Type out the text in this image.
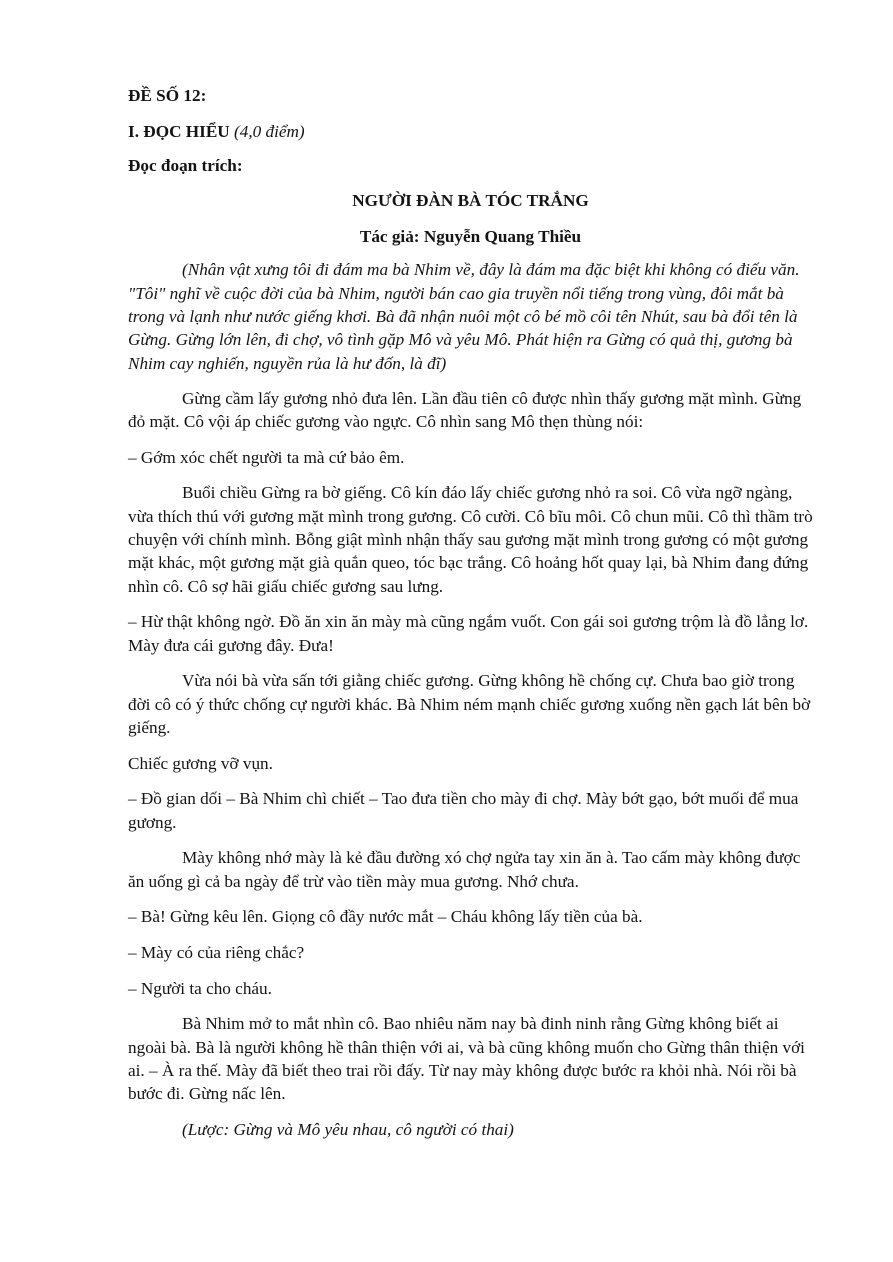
ĐỀ SỐ 12:

I. ĐỌC HIỂU (4,0 điểm)

Đọc đoạn trích:

NGƯỜI ĐÀN BÀ TÓC TRẮNG

Tác giả: Nguyễn Quang Thiều

(Nhân vật xưng tôi đi đám ma bà Nhim về, đây là đám ma đặc biệt khi không có điếu văn. "Tôi" nghĩ về cuộc đời của bà Nhim, người bán cao gia truyền nổi tiếng trong vùng, đôi mắt bà trong và lạnh như nước giếng khơi. Bà đã nhận nuôi một cô bé mồ côi tên Nhút, sau bà đổi tên là Gừng. Gừng lớn lên, đi chợ, vô tình gặp Mô và yêu Mô. Phát hiện ra Gừng có quả thị, gương bà Nhim cay nghiến, nguyền rủa là hư đốn, là đĩ)

Gừng cầm lấy gương nhỏ đưa lên. Lần đầu tiên cô được nhìn thấy gương mặt mình. Gừng đỏ mặt. Cô vội áp chiếc gương vào ngực. Cô nhìn sang Mô thẹn thùng nói:

– Gớm xóc chết người ta mà cứ bảo êm.

Buổi chiều Gừng ra bờ giếng. Cô kín đáo lấy chiếc gương nhỏ ra soi. Cô vừa ngỡ ngàng, vừa thích thú với gương mặt mình trong gương. Cô cười. Cô bĩu môi. Cô chun mũi. Cô thì thầm trò chuyện với chính mình. Bỗng giật mình nhận thấy sau gương mặt mình trong gương có một gương mặt khác, một gương mặt già quắn queo, tóc bạc trắng. Cô hoảng hốt quay lại, bà Nhim đang đứng nhìn cô. Cô sợ hãi giấu chiếc gương sau lưng.

– Hừ thật không ngờ. Đồ ăn xin ăn mày mà cũng ngắm vuốt. Con gái soi gương trộm là đồ lẳng lơ. Mày đưa cái gương đây. Đưa!

Vừa nói bà vừa sấn tới giằng chiếc gương. Gừng không hề chống cự. Chưa bao giờ trong đời cô có ý thức chống cự người khác. Bà Nhim ném mạnh chiếc gương xuống nền gạch lát bên bờ giếng.

Chiếc gương vỡ vụn.

– Đồ gian dối – Bà Nhim chì chiết – Tao đưa tiền cho mày đi chợ. Mày bớt gạo, bớt muối để mua gương.

Mày không nhớ mày là kẻ đầu đường xó chợ ngửa tay xin ăn à. Tao cấm mày không được ăn uống gì cả ba ngày để trừ vào tiền mày mua gương. Nhớ chưa.

– Bà! Gừng kêu lên. Giọng cô đầy nước mắt – Cháu không lấy tiền của bà.

– Mày có của riêng chắc?

– Người ta cho cháu.

Bà Nhim mở to mắt nhìn cô. Bao nhiêu năm nay bà đinh ninh rằng Gừng không biết ai ngoài bà. Bà là người không hề thân thiện với ai, và bà cũng không muốn cho Gừng thân thiện với ai. – À ra thế. Mày đã biết theo trai rồi đấy. Từ nay mày không được bước ra khỏi nhà. Nói rồi bà bước đi. Gừng nấc lên.

(Lược: Gừng và Mô yêu nhau, cô người có thai)
